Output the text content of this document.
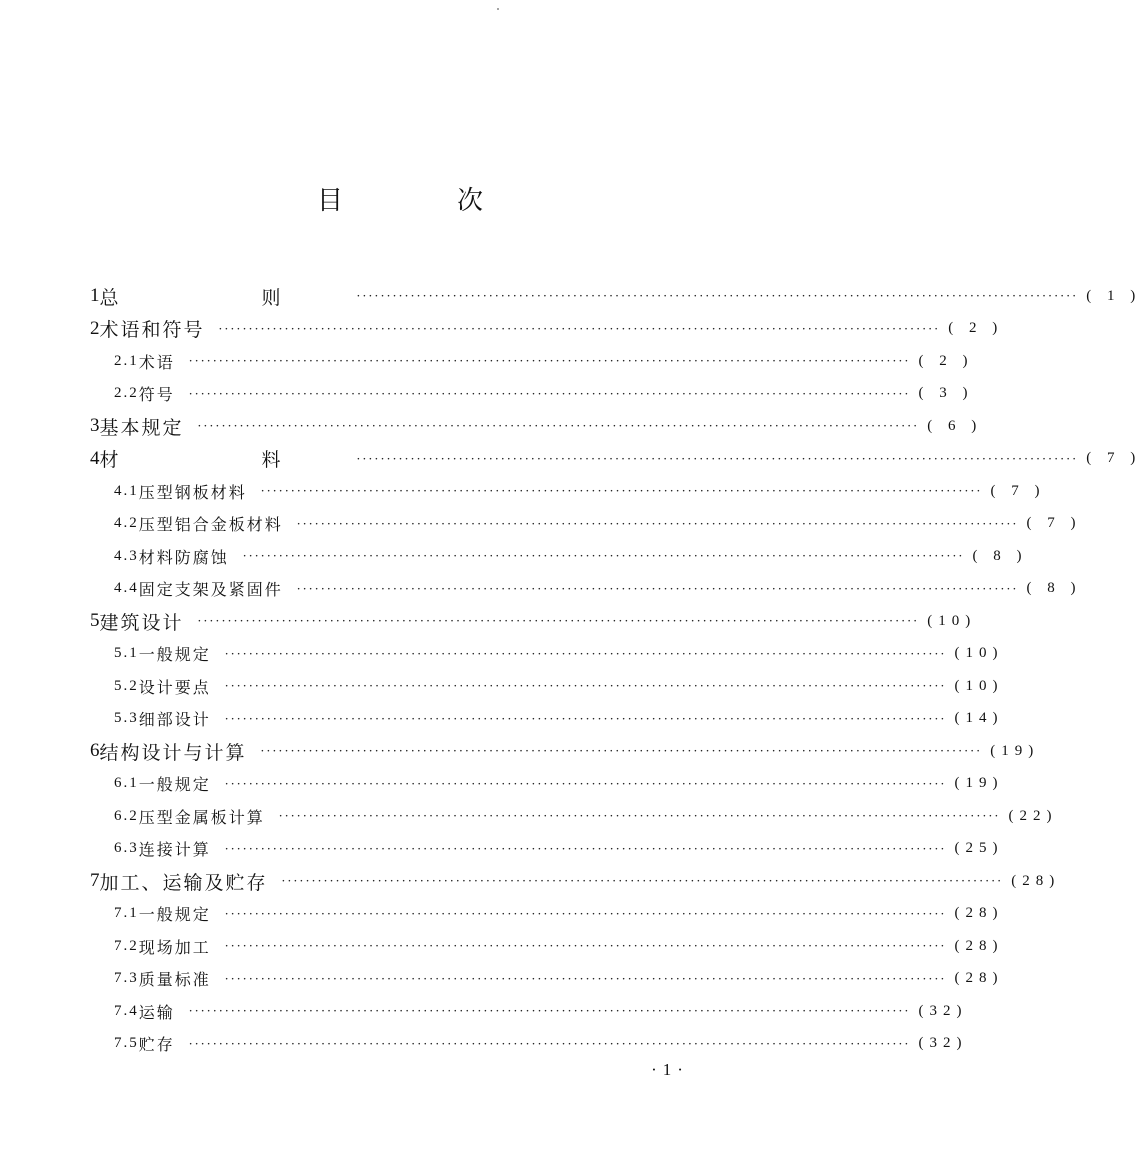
目　次
1 总　则 ························································································································ ( 1 )
2 术语和符号 ························································································································ ( 2 )
2.1 术语 ························································································································ ( 2 )
2.2 符号 ························································································································ ( 3 )
3 基本规定 ························································································································ ( 6 )
4 材　料 ························································································································ ( 7 )
4.1 压型钢板材料 ························································································································ ( 7 )
4.2 压型铝合金板材料 ························································································································ ( 7 )
4.3 材料防腐蚀 ························································································································ ( 8 )
4.4 固定支架及紧固件 ························································································································ ( 8 )
5 建筑设计 ························································································································ (10)
5.1 一般规定 ························································································································ (10)
5.2 设计要点 ························································································································ (10)
5.3 细部设计 ························································································································ (14)
6 结构设计与计算 ························································································································ (19)
6.1 一般规定 ························································································································ (19)
6.2 压型金属板计算 ························································································································ (22)
6.3 连接计算 ························································································································ (25)
7 加工、运输及贮存 ························································································································ (28)
7.1 一般规定 ························································································································ (28)
7.2 现场加工 ························································································································ (28)
7.3 质量标准 ························································································································ (28)
7.4 运输 ························································································································ (32)
7.5 贮存 ························································································································ (32)
·1·
